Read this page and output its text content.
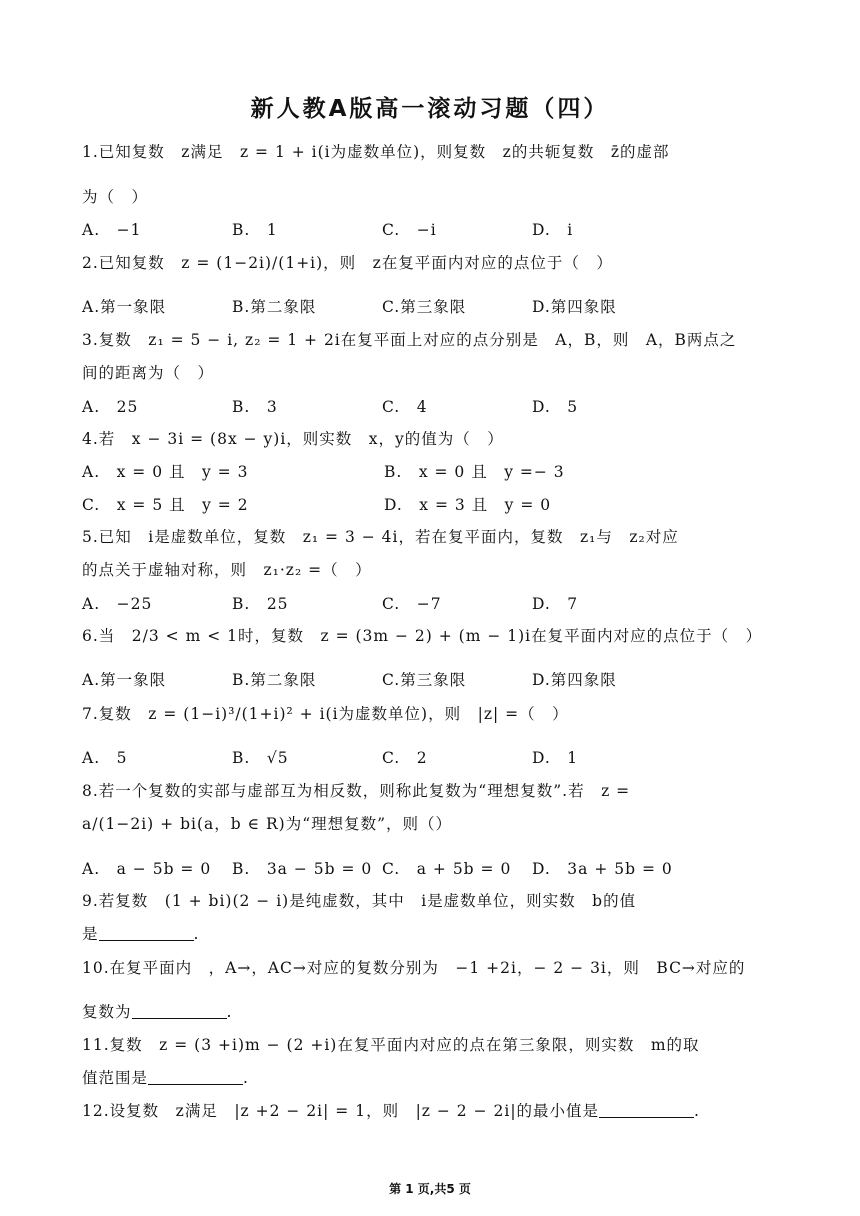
新人教A版高一滚动习题（四）
1.已知复数　z满足　z = 1 + i(i为虚数单位)，则复数　z的共轭复数　z̄的虚部
为（　）
A.　−1	B.　1	C.　−i	D.　i
2.已知复数　z = (1−2i)/(1+i)，则　z在复平面内对应的点位于（　）
A.第一象限	B.第二象限	C.第三象限	D.第四象限
3.复数　z₁ = 5 − i, z₂ = 1 + 2i在复平面上对应的点分别是　A，B，则　A，B两点之
间的距离为（　）
A.　25	B.　3	C.　4	D.　5
4.若　x − 3i = (8x − y)i，则实数　x，y的值为（　）
A.　x = 0 且　y = 3	B.　x = 0 且　y =− 3
C.　x = 5 且　y = 2	D.　x = 3 且　y = 0
5.已知　i是虚数单位，复数　z₁ = 3 − 4i，若在复平面内，复数　z₁与　z₂对应
的点关于虚轴对称，则　z₁·z₂ =（　）
A.　−25	B.　25	C.　−7	D.　7
6.当　2/3 < m < 1时，复数　z = (3m − 2) + (m − 1)i在复平面内对应的点位于（　）
A.第一象限	B.第二象限	C.第三象限	D.第四象限
7.复数　z = (1−i)³/(1+i)² + i(i为虚数单位)，则　|z| =（　）
A.　5	B.　√5	C.　2	D.　1
8.若一个复数的实部与虚部互为相反数，则称此复数为“理想复数”.若　z =
a/(1−2i) + bi(a，b ∈ R)为“理想复数”，则（）
A.　a − 5b = 0 B.　3a − 5b = 0 C.　a + 5b = 0 D.　3a + 5b = 0
9.若复数　(1 + bi)(2 − i)是纯虚数，其中　i是虚数单位，则实数　b的值
是	.
10.在复平面内　，A→，AC→对应的复数分别为　−1 +2i，− 2 − 3i，则　BC→对应的
复数为	.
11.复数　z = (3 +i)m − (2 +i)在复平面内对应的点在第三象限，则实数　m的取
值范围是	.
12.设复数　z满足　|z +2 − 2i| = 1，则　|z − 2 − 2i|的最小值是	.
第 1 页,共5 页
